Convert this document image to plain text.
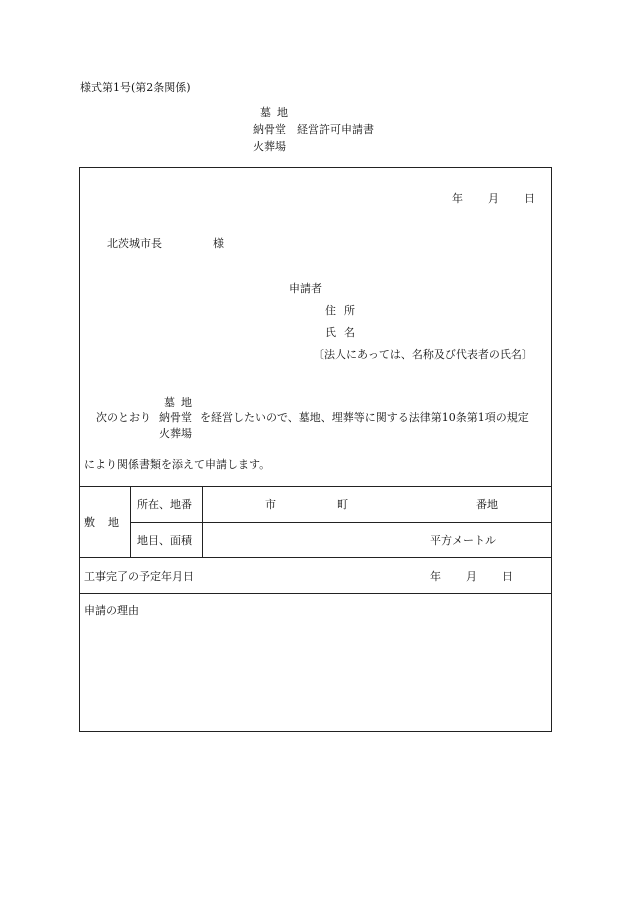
様式第1号(第2条関係)
墓地
納骨堂　経営許可申請書
火葬場
年 月 日
北茨城市長	様
申請者
住所
氏名
〔法人にあっては、名称及び代表者の氏名〕
墓地
納骨堂
火葬場
次のとおり	を経営したいので、墓地、埋葬等に関する法律第10条第1項の規定
により関係書類を添えて申請します。
敷地
所在、地番	市	町	番地
地目、面積	平方メートル
工事完了の予定年月日	年 月 日
申請の理由
